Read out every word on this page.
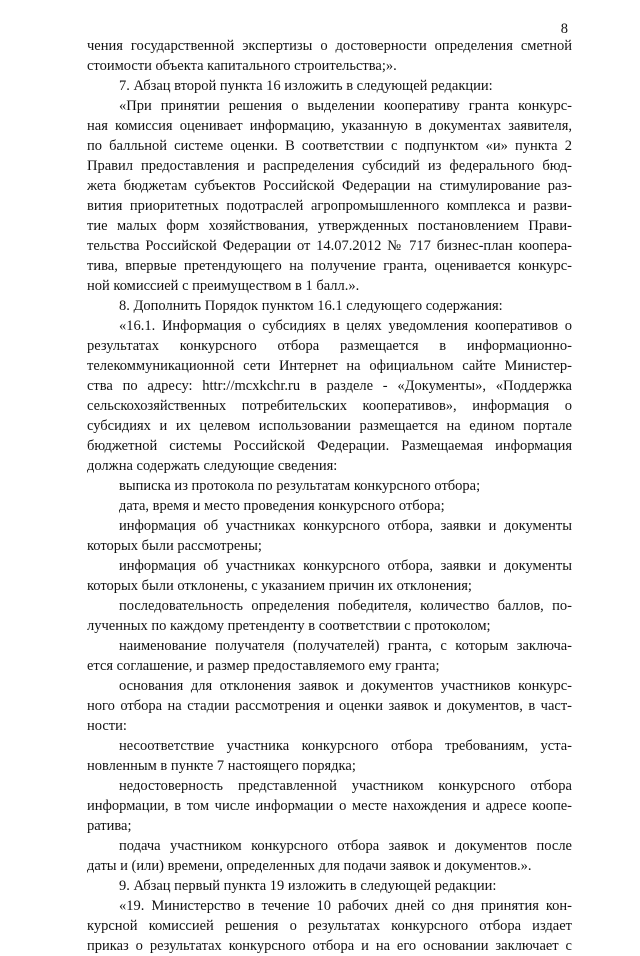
8
чения государственной экспертизы о достоверности определения сметной
стоимости объекта капитального строительства;».
7. Абзац второй пункта 16 изложить в следующей редакции:
«При принятии решения о выделении кооперативу гранта конкурс-
ная комиссия оценивает информацию, указанную в документах заявителя,
по балльной системе оценки. В соответствии с подпунктом «и» пункта 2
Правил предоставления и распределения субсидий из федерального бюд-
жета бюджетам субъектов Российской Федерации на стимулирование раз-
вития приоритетных подотраслей агропромышленного комплекса и разви-
тие малых форм хозяйствования, утвержденных постановлением Прави-
тельства Российской Федерации от 14.07.2012 № 717 бизнес-план коопера-
тива, впервые претендующего на получение гранта, оценивается конкурс-
ной комиссией с преимуществом в 1 балл.».
8. Дополнить Порядок пунктом 16.1 следующего содержания:
«16.1. Информация о субсидиях в целях уведомления кооперативов о
результатах конкурсного отбора размещается в информационно-
телекоммуникационной сети Интернет на официальном сайте Министер-
ства по адресу: httr://mcxkchr.ru в разделе - «Документы», «Поддержка
сельскохозяйственных потребительских кооперативов», информация о
субсидиях и их целевом использовании размещается на едином портале
бюджетной системы Российской Федерации. Размещаемая информация
должна содержать следующие сведения:
выписка из протокола по результатам конкурсного отбора;
дата, время и место проведения конкурсного отбора;
информация об участниках конкурсного отбора, заявки и документы
которых были рассмотрены;
информация об участниках конкурсного отбора, заявки и документы
которых были отклонены, с указанием причин их отклонения;
последовательность определения победителя, количество баллов, по-
лученных по каждому претенденту в соответствии с протоколом;
наименование получателя (получателей) гранта, с которым заключа-
ется соглашение, и размер предоставляемого ему гранта;
основания для отклонения заявок и документов участников конкурс-
ного отбора на стадии рассмотрения и оценки заявок и документов, в част-
ности:
несоответствие участника конкурсного отбора требованиям, уста-
новленным в пункте 7 настоящего порядка;
недостоверность представленной участником конкурсного отбора
информации, в том числе информации о месте нахождения и адресе коопе-
ратива;
подача участником конкурсного отбора заявок и документов после
даты и (или) времени, определенных для подачи заявок и документов.».
9. Абзац первый пункта 19 изложить в следующей редакции:
«19. Министерство в течение 10 рабочих дней со дня принятия кон-
курсной комиссией решения о результатах конкурсного отбора издает
приказ о результатах конкурсного отбора и на его основании заключает с
